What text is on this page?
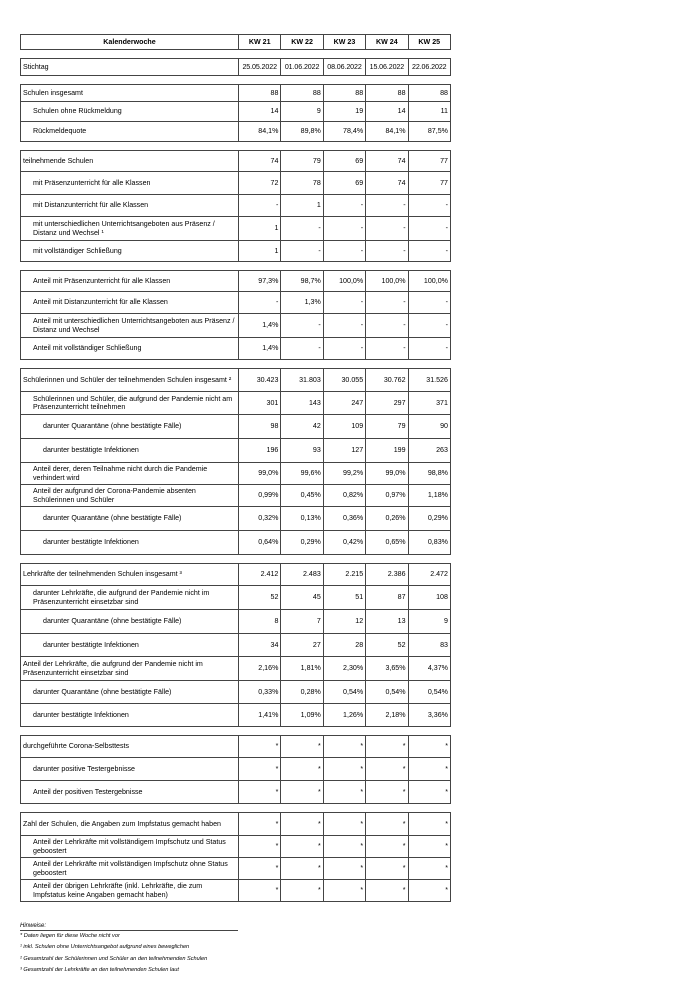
Kalenderwoche	KW 21	KW 22	KW 23	KW 24	KW 25

Stichtag	25.05.2022	01.06.2022	08.06.2022	15.06.2022	22.06.2022

Schulen insgesamt	88	88	88	88	88
Schulen ohne Rückmeldung	14	9	19	14	11
Rückmeldequote	84,1%	89,8%	78,4%	84,1%	87,5%

teilnehmende Schulen	74	79	69	74	77
mit Präsenzunterricht für alle Klassen	72	78	69	74	77
mit Distanzunterricht für alle Klassen	-	1	-	-	-
mit unterschiedlichen Unterrichtsangeboten aus Präsenz / Distanz und Wechsel ¹	1	-	-	-	-
mit vollständiger Schließung	1	-	-	-	-

Anteil mit Präsenzunterricht für alle Klassen	97,3%	98,7%	100,0%	100,0%	100,0%
Anteil mit Distanzunterricht für alle Klassen	-	1,3%	-	-	-
Anteil mit unterschiedlichen Unterrichtsangeboten aus Präsenz / Distanz und Wechsel	1,4%	-	-	-	-
Anteil mit vollständiger Schließung	1,4%	-	-	-	-

Schülerinnen und Schüler der teilnehmenden Schulen insgesamt ²	30.423	31.803	30.055	30.762	31.526
Schülerinnen und Schüler, die aufgrund der Pandemie nicht am Präsenzunterricht teilnehmen	301	143	247	297	371
darunter Quarantäne (ohne bestätigte Fälle)	98	42	109	79	90
darunter bestätigte Infektionen	196	93	127	199	263
Anteil derer, deren Teilnahme nicht durch die Pandemie verhindert wird	99,0%	99,6%	99,2%	99,0%	98,8%
Anteil der aufgrund der Corona-Pandemie absenten Schülerinnen und Schüler	0,99%	0,45%	0,82%	0,97%	1,18%
darunter Quarantäne (ohne bestätigte Fälle)	0,32%	0,13%	0,36%	0,26%	0,29%
darunter bestätigte Infektionen	0,64%	0,29%	0,42%	0,65%	0,83%

Lehrkräfte der teilnehmenden Schulen insgesamt ³	2.412	2.483	2.215	2.386	2.472
darunter Lehrkräfte, die aufgrund der Pandemie nicht im Präsenzunterricht einsetzbar sind	52	45	51	87	108
darunter Quarantäne (ohne bestätigte Fälle)	8	7	12	13	9
darunter bestätigte Infektionen	34	27	28	52	83
Anteil der Lehrkräfte, die aufgrund der Pandemie nicht im Präsenzunterricht einsetzbar sind	2,16%	1,81%	2,30%	3,65%	4,37%
darunter Quarantäne (ohne bestätigte Fälle)	0,33%	0,28%	0,54%	0,54%	0,54%
darunter bestätigte Infektionen	1,41%	1,09%	1,26%	2,18%	3,36%

durchgeführte Corona-Selbsttests	*	*	*	*	*
darunter positive Testergebnisse	*	*	*	*	*
Anteil der positiven Testergebnisse	*	*	*	*	*

Zahl der Schulen, die Angaben zum Impfstatus gemacht haben	*	*	*	*	*
Anteil der Lehrkräfte mit vollständigem Impfschutz und Status geboostert	*	*	*	*	*
Anteil der Lehrkräfte mit vollständigen Impfschutz ohne Status geboostert	*	*	*	*	*
Anteil der übrigen Lehrkräfte (inkl. Lehrkräfte, die zum Impfstatus keine Angaben gemacht haben)	*	*	*	*	*
Hinweise:
* Daten liegen für diese Woche nicht vor
¹ inkl. Schulen ohne Unterrichtsangebot aufgrund eines beweglichen
² Gesamtzahl der Schülerinnen und Schüler an den teilnehmenden Schulen
³ Gesamtzahl der Lehrkräfte an den teilnehmenden Schulen laut
